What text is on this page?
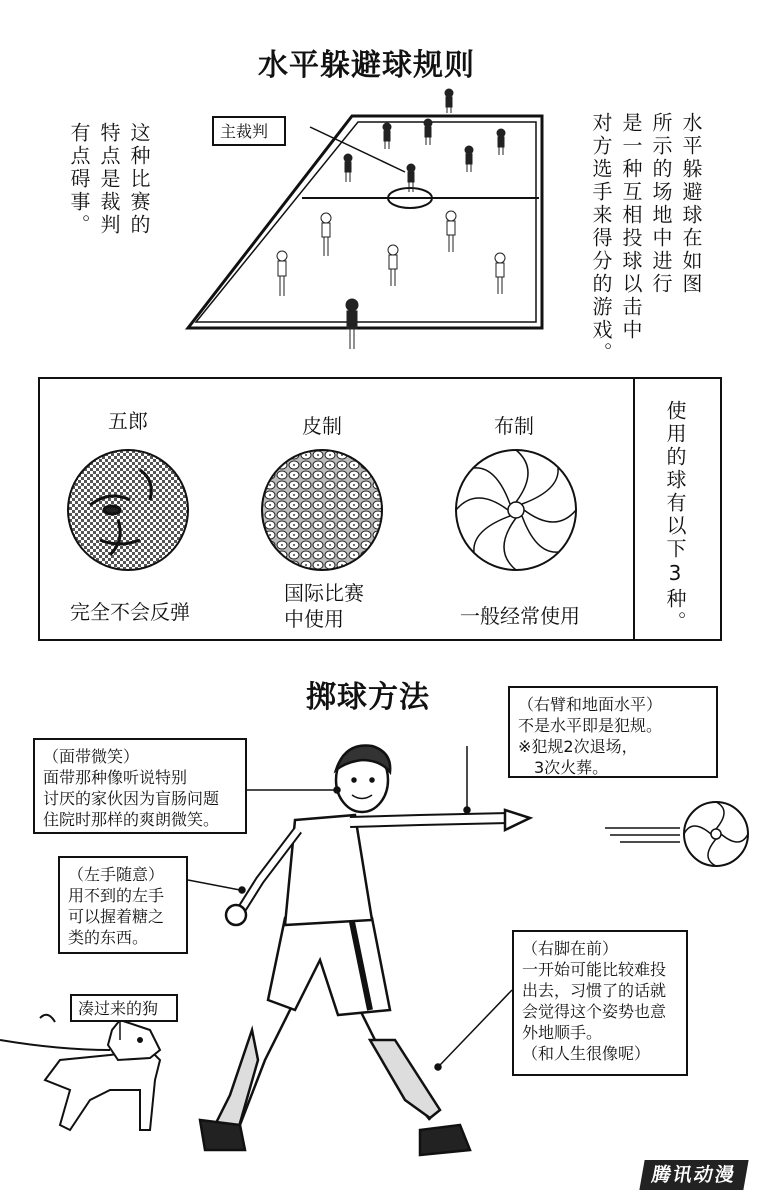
水平躲避球规则
主裁判	水平躲避球在如图
所示的场地中进行
是一种互相投球以击中
对方选手来得分的游戏。
这种比赛的
特点是裁判
有点碍事。
五郎	皮制	布制
完全不会反弹
国际比赛
中使用	一般经常使用	使用的球有以下3种。
掷球方法	（右臂和地面水平）
不是水平即是犯规。
※犯规2次退场，
3次火葬。
（面带微笑）
面带那种像听说特别
讨厌的家伙因为盲肠问题
住院时那样的爽朗微笑。
（左手随意）
用不到的左手
可以握着糖之
类的东西。
（右脚在前）
一开始可能比较难投
出去，习惯了的话就
会觉得这个姿势也意
外地顺手。
（和人生很像呢）
凑过来的狗
腾讯动漫
